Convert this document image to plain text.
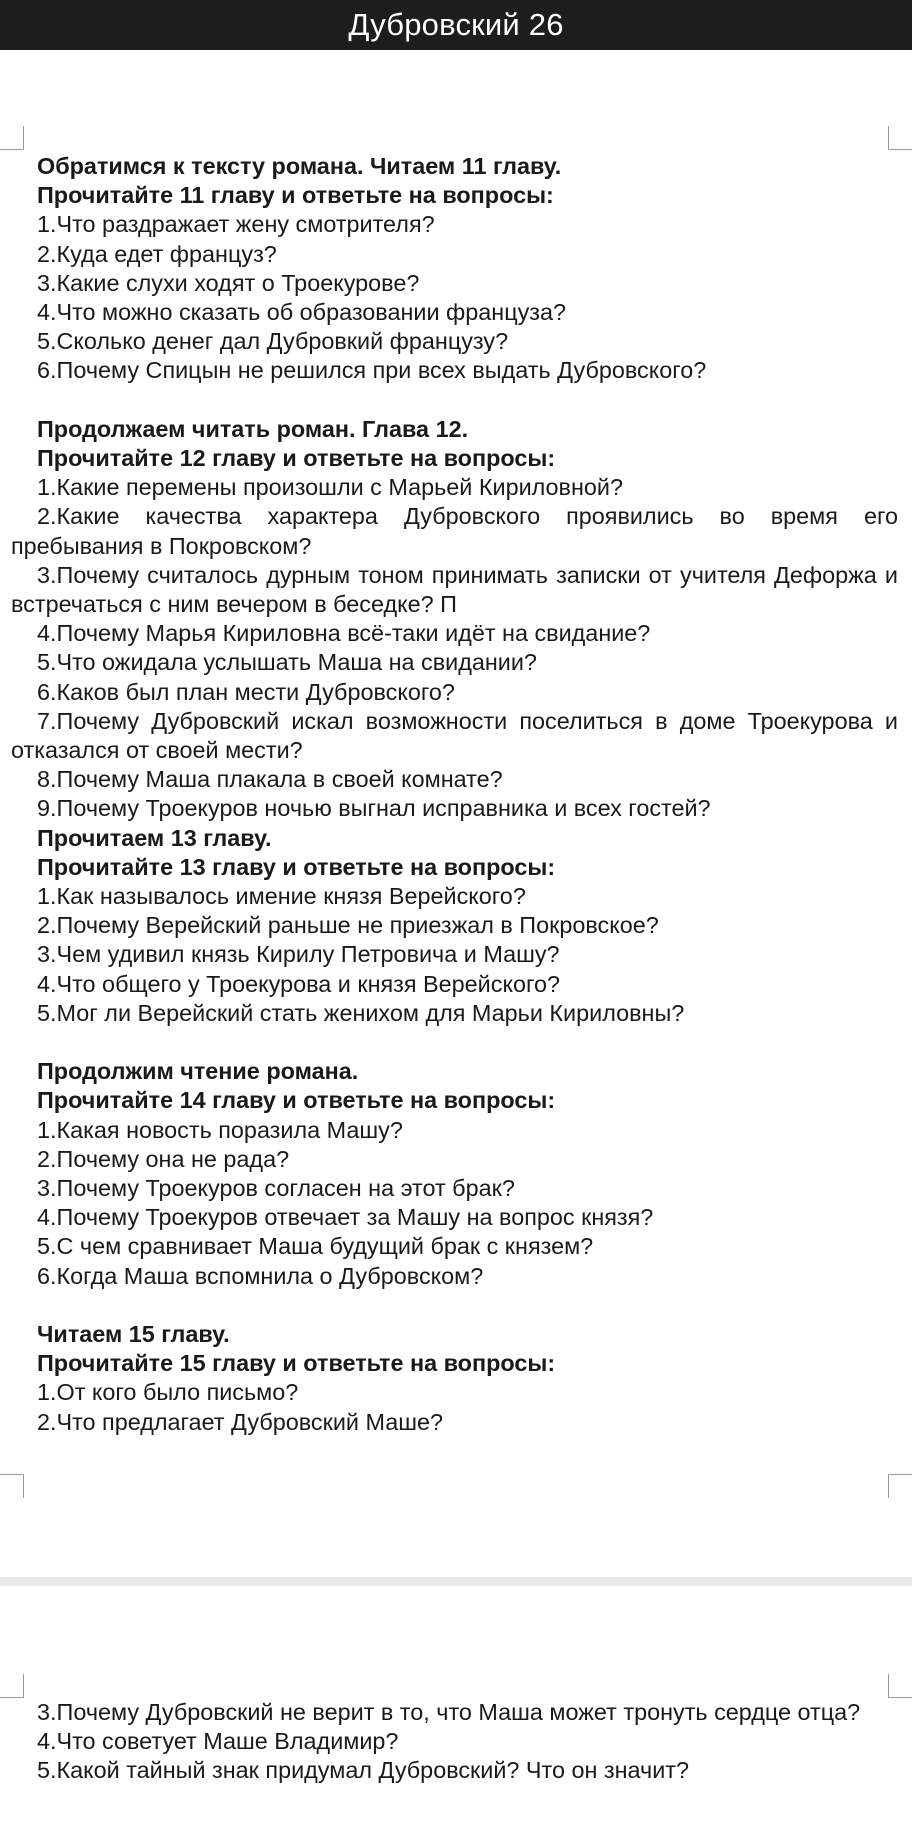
Дубровский 26
Обратимся к тексту романа. Читаем 11 главу.
Прочитайте 11 главу и ответьте на вопросы:
1.Что раздражает жену смотрителя?
2.Куда едет француз?
3.Какие слухи ходят о Троекурове?
4.Что можно сказать об образовании француза?
5.Сколько денег дал Дубровкий французу?
6.Почему Спицын не решился при всех выдать Дубровского?
Продолжаем читать роман. Глава 12.
Прочитайте 12 главу и ответьте на вопросы:
1.Какие перемены произошли с Марьей Кириловной?
2.Какие качества характера Дубровского проявились во время его пребывания в Покровском?
3.Почему считалось дурным тоном принимать записки от учителя Дефоржа и встречаться с ним вечером в беседке? П
4.Почему Марья Кириловна всё-таки идёт на свидание?
5.Что ожидала услышать Маша на свидании?
6.Каков был план мести Дубровского?
7.Почему Дубровский искал возможности поселиться в доме Троекурова и отказался от своей мести?
8.Почему Маша плакала в своей комнате?
9.Почему Троекуров ночью выгнал исправника и всех гостей?
Прочитаем 13 главу.
Прочитайте 13 главу и ответьте на вопросы:
1.Как называлось имение князя Верейского?
2.Почему Верейский раньше не приезжал в Покровское?
3.Чем удивил князь Кирилу Петровича и Машу?
4.Что общего у Троекурова и князя Верейского?
5.Мог ли Верейский стать женихом для Марьи Кириловны?
Продолжим чтение романа.
Прочитайте 14 главу и ответьте на вопросы:
1.Какая новость поразила Машу?
2.Почему она не рада?
3.Почему Троекуров согласен на этот брак?
4.Почему Троекуров отвечает за Машу на вопрос князя?
5.С чем сравнивает Маша будущий брак с князем?
6.Когда Маша вспомнила о Дубровском?
Читаем 15 главу.
Прочитайте 15 главу и ответьте на вопросы:
1.От кого было письмо?
2.Что предлагает Дубровский Маше?
3.Почему Дубровский не верит в то, что Маша может тронуть сердце отца?
4.Что советует Маше Владимир?
5.Какой тайный знак придумал Дубровский? Что он значит?
